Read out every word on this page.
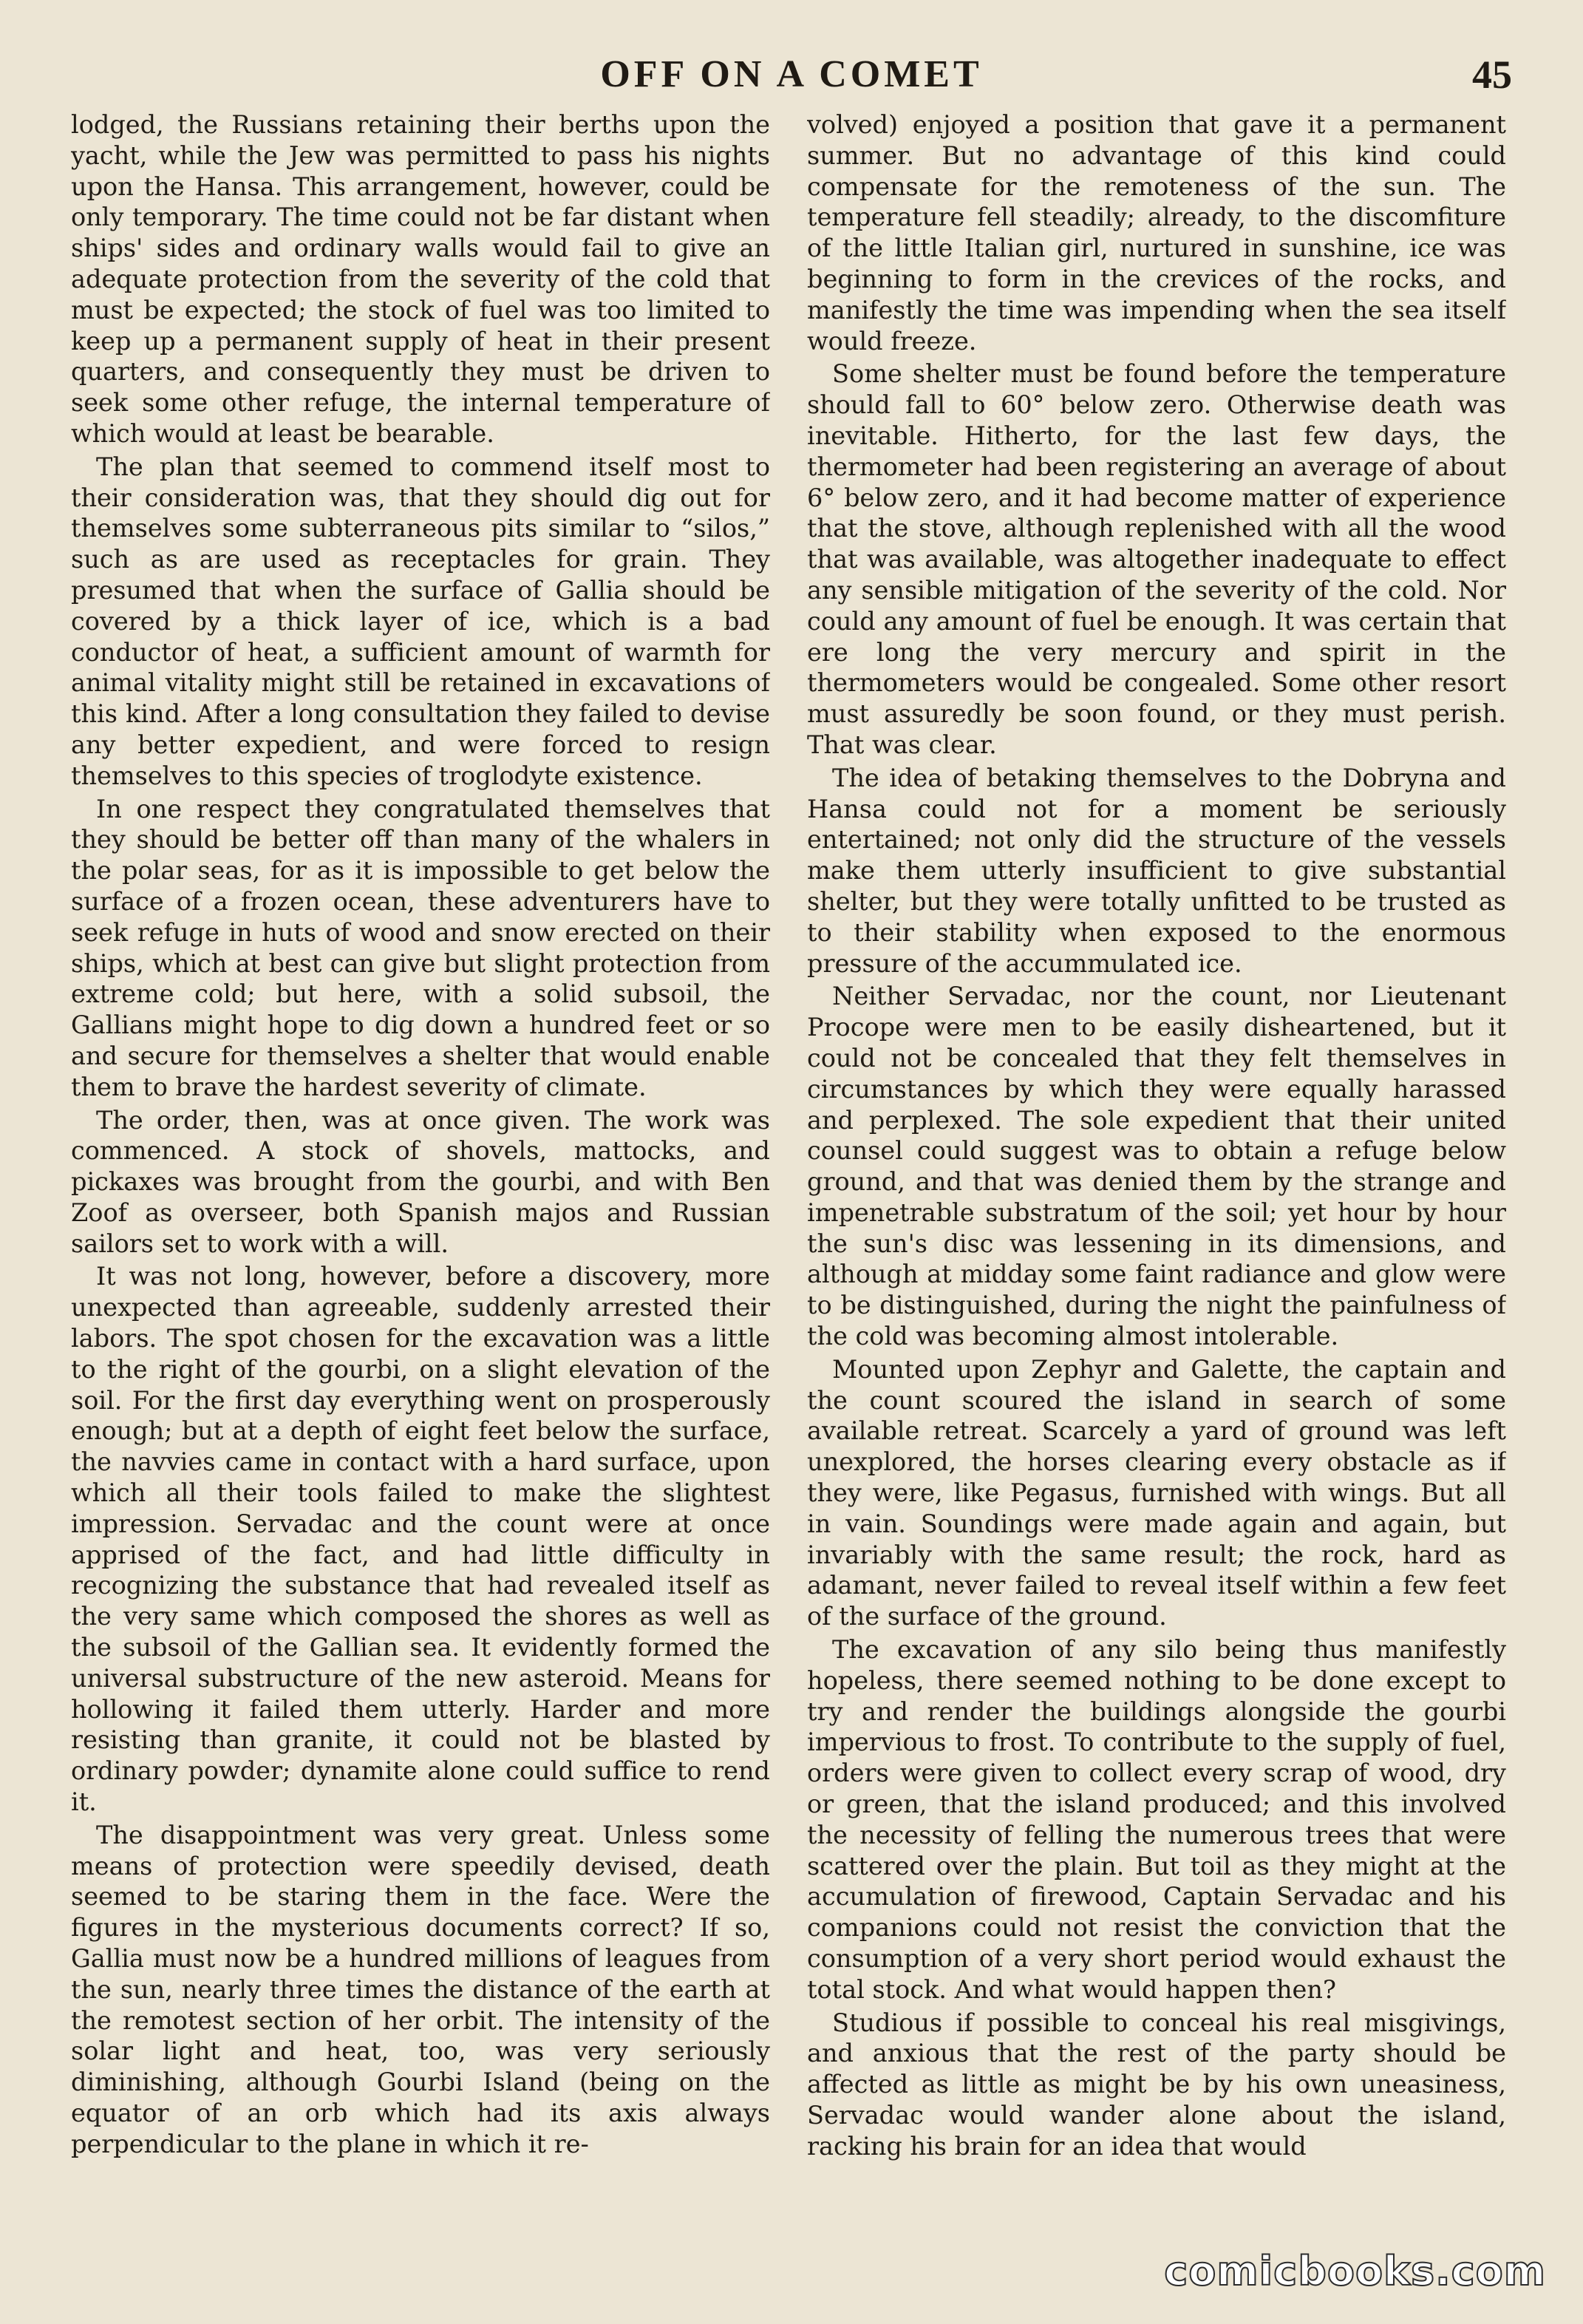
OFF ON A COMET	45

lodged, the Russians retaining their berths upon the yacht, while the Jew was permitted to pass his nights upon the Hansa. This arrangement, however, could be only temporary. The time could not be far distant when ships' sides and ordinary walls would fail to give an adequate protection from the severity of the cold that must be expected; the stock of fuel was too limited to keep up a permanent supply of heat in their present quarters, and consequently they must be driven to seek some other refuge, the internal temperature of which would at least be bearable.

The plan that seemed to commend itself most to their consideration was, that they should dig out for themselves some subterraneous pits similar to “silos,” such as are used as receptacles for grain. They presumed that when the surface of Gallia should be covered by a thick layer of ice, which is a bad conductor of heat, a sufficient amount of warmth for animal vitality might still be retained in excavations of this kind. After a long consultation they failed to devise any better expedient, and were forced to resign themselves to this species of troglodyte existence.

In one respect they congratulated themselves that they should be better off than many of the whalers in the polar seas, for as it is impossible to get below the surface of a frozen ocean, these adventurers have to seek refuge in huts of wood and snow erected on their ships, which at best can give but slight protection from extreme cold; but here, with a solid subsoil, the Gallians might hope to dig down a hundred feet or so and secure for themselves a shelter that would enable them to brave the hardest severity of climate.

The order, then, was at once given. The work was commenced. A stock of shovels, mattocks, and pickaxes was brought from the gourbi, and with Ben Zoof as overseer, both Spanish majos and Russian sailors set to work with a will.

It was not long, however, before a discovery, more unexpected than agreeable, suddenly arrested their labors. The spot chosen for the excavation was a little to the right of the gourbi, on a slight elevation of the soil. For the first day everything went on prosperously enough; but at a depth of eight feet below the surface, the navvies came in contact with a hard surface, upon which all their tools failed to make the slightest impression. Servadac and the count were at once apprised of the fact, and had little difficulty in recognizing the substance that had revealed itself as the very same which composed the shores as well as the subsoil of the Gallian sea. It evidently formed the universal substructure of the new asteroid. Means for hollowing it failed them utterly. Harder and more resisting than granite, it could not be blasted by ordinary powder; dynamite alone could suffice to rend it.

The disappointment was very great. Unless some means of protection were speedily devised, death seemed to be staring them in the face. Were the figures in the mysterious documents correct? If so, Gallia must now be a hundred millions of leagues from the sun, nearly three times the distance of the earth at the remotest section of her orbit. The intensity of the solar light and heat, too, was very seriously diminishing, although Gourbi Island (being on the equator of an orb which had its axis always perpendicular to the plane in which it re-

volved) enjoyed a position that gave it a permanent summer. But no advantage of this kind could compensate for the remoteness of the sun. The temperature fell steadily; already, to the discomfiture of the little Italian girl, nurtured in sunshine, ice was beginning to form in the crevices of the rocks, and manifestly the time was impending when the sea itself would freeze.

Some shelter must be found before the temperature should fall to 60° below zero. Otherwise death was inevitable. Hitherto, for the last few days, the thermometer had been registering an average of about 6° below zero, and it had become matter of experience that the stove, although replenished with all the wood that was available, was altogether inadequate to effect any sensible mitigation of the severity of the cold. Nor could any amount of fuel be enough. It was certain that ere long the very mercury and spirit in the thermometers would be congealed. Some other resort must assuredly be soon found, or they must perish. That was clear.

The idea of betaking themselves to the Dobryna and Hansa could not for a moment be seriously entertained; not only did the structure of the vessels make them utterly insufficient to give substantial shelter, but they were totally unfitted to be trusted as to their stability when exposed to the enormous pressure of the accummulated ice.

Neither Servadac, nor the count, nor Lieutenant Procope were men to be easily disheartened, but it could not be concealed that they felt themselves in circumstances by which they were equally harassed and perplexed. The sole expedient that their united counsel could suggest was to obtain a refuge below ground, and that was denied them by the strange and impenetrable substratum of the soil; yet hour by hour the sun's disc was lessening in its dimensions, and although at midday some faint radiance and glow were to be distinguished, during the night the painfulness of the cold was becoming almost intolerable.

Mounted upon Zephyr and Galette, the captain and the count scoured the island in search of some available retreat. Scarcely a yard of ground was left unexplored, the horses clearing every obstacle as if they were, like Pegasus, furnished with wings. But all in vain. Soundings were made again and again, but invariably with the same result; the rock, hard as adamant, never failed to reveal itself within a few feet of the surface of the ground.

The excavation of any silo being thus manifestly hopeless, there seemed nothing to be done except to try and render the buildings alongside the gourbi impervious to frost. To contribute to the supply of fuel, orders were given to collect every scrap of wood, dry or green, that the island produced; and this involved the necessity of felling the numerous trees that were scattered over the plain. But toil as they might at the accumulation of firewood, Captain Servadac and his companions could not resist the conviction that the consumption of a very short period would exhaust the total stock. And what would happen then?

Studious if possible to conceal his real misgivings, and anxious that the rest of the party should be affected as little as might be by his own uneasiness, Servadac would wander alone about the island, racking his brain for an idea that would

comicbooks.com
